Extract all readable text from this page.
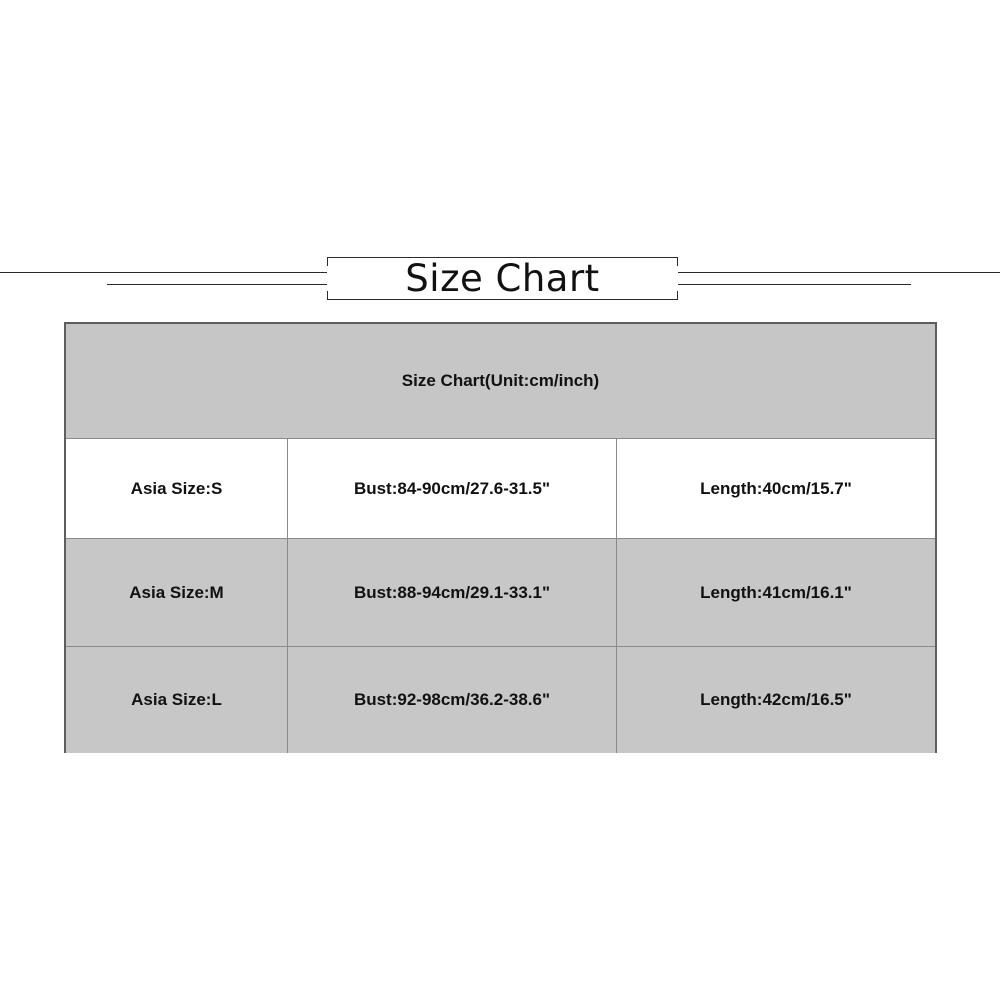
Size Chart
Size Chart(Unit:cm/inch)
Asia Size:S	Bust:84-90cm/27.6-31.5"	Length:40cm/15.7"
Asia Size:M	Bust:88-94cm/29.1-33.1"	Length:41cm/16.1"
Asia Size:L	Bust:92-98cm/36.2-38.6"	Length:42cm/16.5"
